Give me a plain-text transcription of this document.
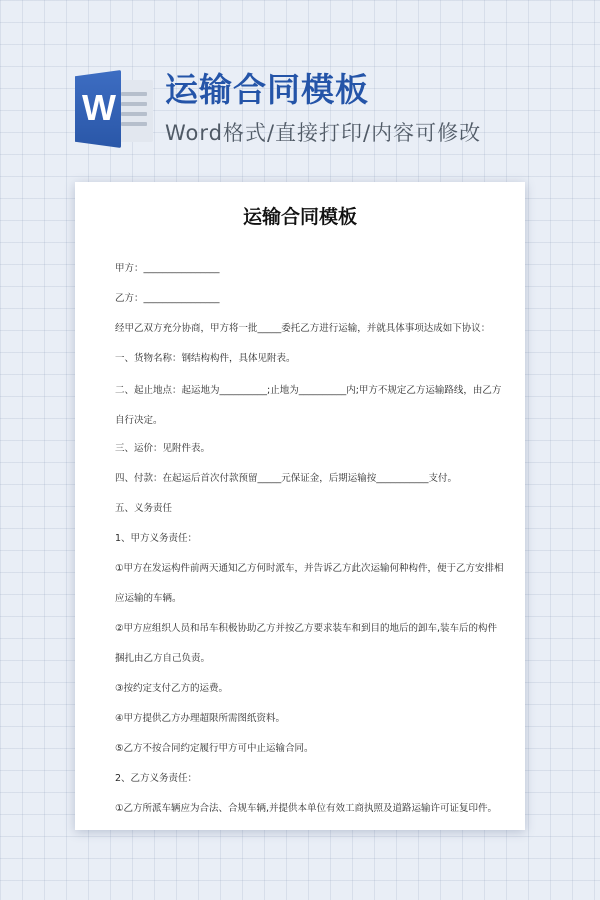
W 运输合同模板
Word格式/直接打印/内容可修改
运输合同模板

甲方：________________

乙方：________________

经甲乙双方充分协商，甲方将一批_____委托乙方进行运输，并就具体事项达成如下协议：

一、货物名称：钢结构构件，具体见附表。

二、起止地点：起运地为__________;止地为__________内;甲方不规定乙方运输路线，由乙方自行决定。

三、运价：见附件表。

四、付款：在起运后首次付款预留_____元保证金，后期运输按___________支付。

五、义务责任

1、甲方义务责任：

①甲方在发运构件前两天通知乙方何时派车，并告诉乙方此次运输何种构件，便于乙方安排相应运输的车辆。

②甲方应组织人员和吊车积极协助乙方并按乙方要求装车和到目的地后的卸车,装车后的构件捆扎由乙方自己负责。

③按约定支付乙方的运费。

④甲方提供乙方办理超限所需图纸资料。

⑤乙方不按合同约定履行甲方可中止运输合同。

2、乙方义务责任：

①乙方所派车辆应为合法、合规车辆,并提供本单位有效工商执照及道路运输许可证复印件。
